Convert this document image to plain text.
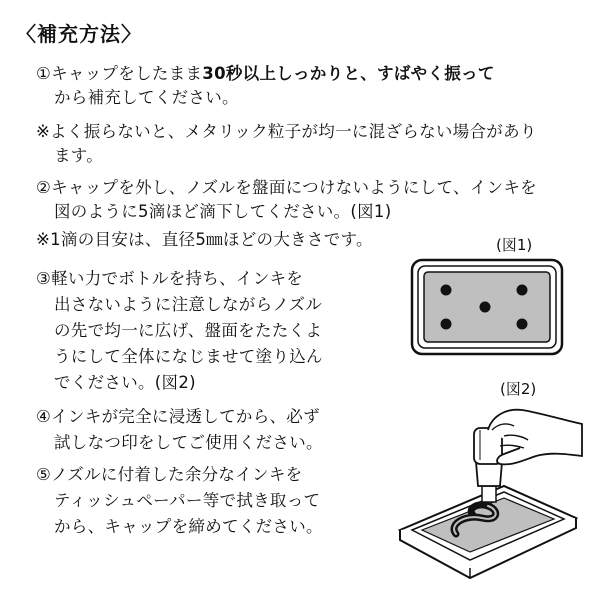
〈補充方法〉
①キャップをしたまま30秒以上しっかりと、すばやく振って
から補充してください。
※よく振らないと、メタリック粒子が均一に混ざらない場合があり
ます。
②キャップを外し、ノズルを盤面につけないようにして、インキを
図のように5滴ほど滴下してください。(図1)
※1滴の目安は、直径5㎜ほどの大きさです。	(図1)
③軽い力でボトルを持ち、インキを
出さないように注意しながらノズル
の先で均一に広げ、盤面をたたくよ
うにして全体になじませて塗り込ん
でください。(図2)	(図2)
④インキが完全に浸透してから、必ず
試しなつ印をしてご使用ください。
⑤ノズルに付着した余分なインキを
ティッシュペーパー等で拭き取って
から、キャップを締めてください。
